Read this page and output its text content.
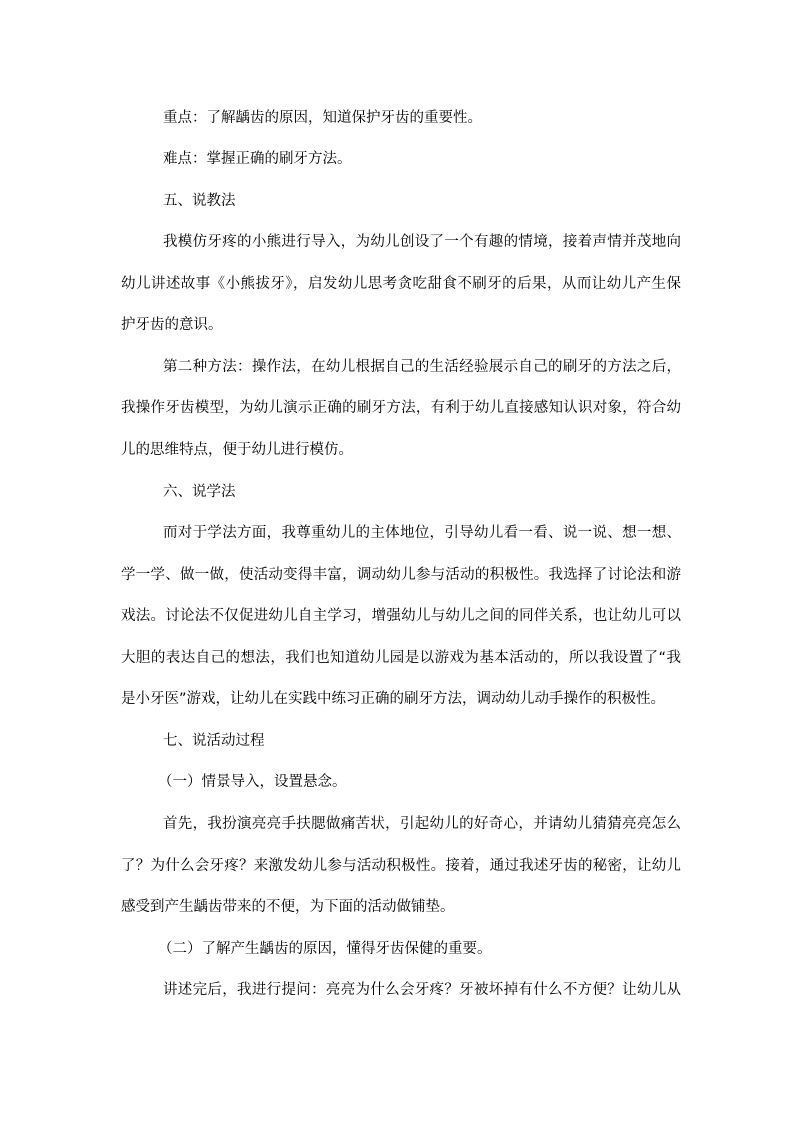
重点：了解龋齿的原因，知道保护牙齿的重要性。
难点：掌握正确的刷牙方法。
五、说教法
我模仿牙疼的小熊进行导入，为幼儿创设了一个有趣的情境，接着声情并茂地向
幼儿讲述故事《小熊拔牙》，启发幼儿思考贪吃甜食不刷牙的后果，从而让幼儿产生保
护牙齿的意识。
第二种方法：操作法，在幼儿根据自己的生活经验展示自己的刷牙的方法之后，
我操作牙齿模型，为幼儿演示正确的刷牙方法，有利于幼儿直接感知认识对象，符合幼
儿的思维特点，便于幼儿进行模仿。
六、说学法
而对于学法方面，我尊重幼儿的主体地位，引导幼儿看一看、说一说、想一想、
学一学、做一做，使活动变得丰富，调动幼儿参与活动的积极性。我选择了讨论法和游
戏法。讨论法不仅促进幼儿自主学习，增强幼儿与幼儿之间的同伴关系，也让幼儿可以
大胆的表达自己的想法，我们也知道幼儿园是以游戏为基本活动的，所以我设置了“我
是小牙医”游戏，让幼儿在实践中练习正确的刷牙方法，调动幼儿动手操作的积极性。
七、说活动过程
（一）情景导入，设置悬念。
首先，我扮演亮亮手扶腮做痛苦状，引起幼儿的好奇心，并请幼儿猜猜亮亮怎么
了？为什么会牙疼？来激发幼儿参与活动积极性。接着，通过我述牙齿的秘密，让幼儿
感受到产生龋齿带来的不便，为下面的活动做铺垫。
（二）了解产生龋齿的原因，懂得牙齿保健的重要。
讲述完后，我进行提问：亮亮为什么会牙疼？牙被坏掉有什么不方便？让幼儿从
